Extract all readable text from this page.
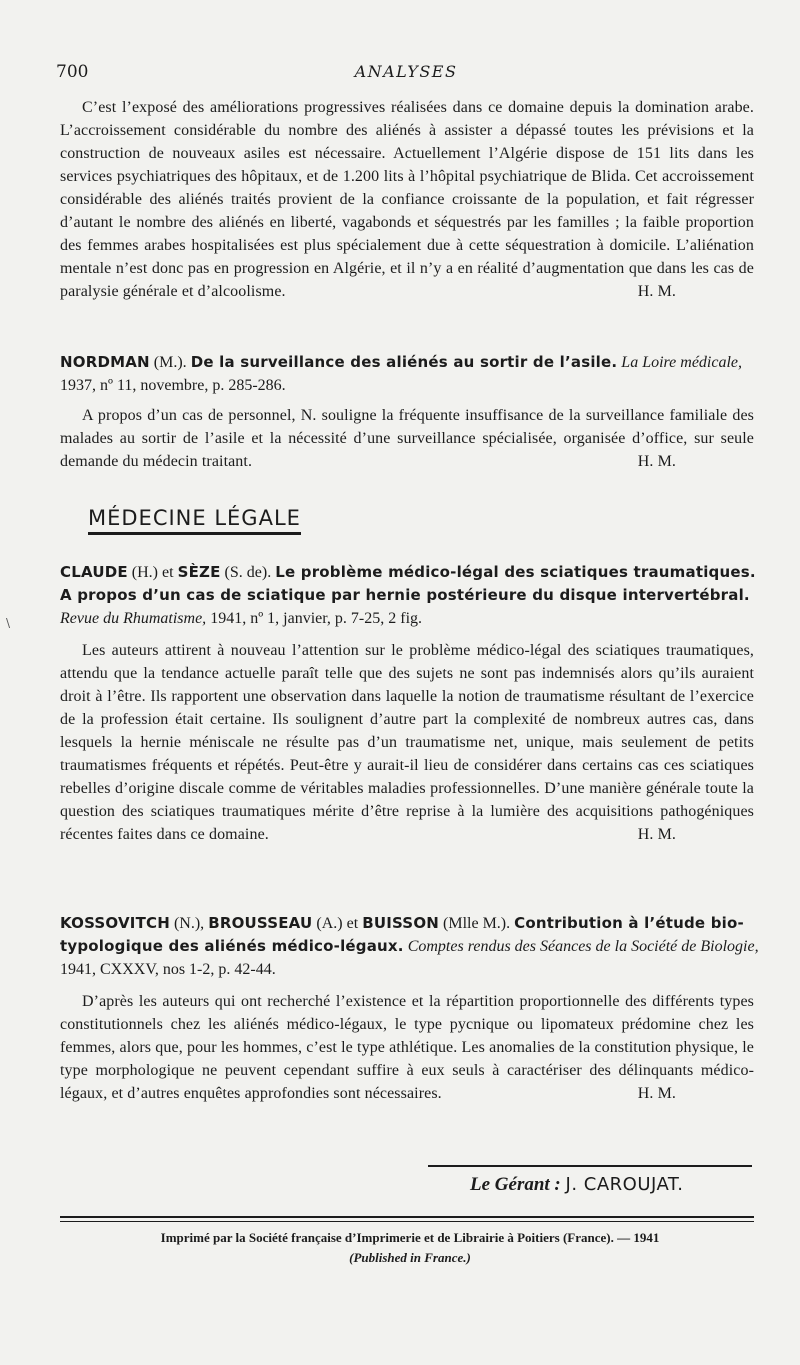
700	ANALYSES
C’est l’exposé des améliorations progressives réalisées dans ce domaine depuis la domination arabe. L’accroissement considérable du nombre des aliénés à assister a dépassé toutes les prévisions et la construction de nouveaux asiles est nécessaire. Actuellement l’Algérie dispose de 151 lits dans les services psychiatriques des hôpitaux, et de 1.200 lits à l’hôpital psychiatrique de Blida. Cet accroissement considérable des aliénés traités provient de la confiance croissante de la population, et fait régresser d’autant le nombre des aliénés en liberté, vagabonds et séquestrés par les familles ; la faible proportion des femmes arabes hospitalisées est plus spécialement due à cette séquestration à domicile. L’aliénation mentale n’est donc pas en progression en Algérie, et il n’y a en réalité d’augmentation que dans les cas de paralysie générale et d’alcoolisme.	H. M.
NORDMAN (M.). De la surveillance des aliénés au sortir de l’asile. La Loire médicale, 1937, nº 11, novembre, p. 285-286.
A propos d’un cas de personnel, N. souligne la fréquente insuffisance de la surveillance familiale des malades au sortir de l’asile et la nécessité d’une surveillance spécialisée, organisée d’office, sur seule demande du médecin traitant.	H. M.
MÉDECINE LÉGALE
CLAUDE (H.) et SÈZE (S. de). Le problème médico-légal des sciatiques traumatiques. A propos d’un cas de sciatique par hernie postérieure du disque intervertébral. Revue du Rhumatisme, 1941, nº 1, janvier, p. 7-25, 2 fig.
Les auteurs attirent à nouveau l’attention sur le problème médico-légal des sciatiques traumatiques, attendu que la tendance actuelle paraît telle que des sujets ne sont pas indemnisés alors qu’ils auraient droit à l’être. Ils rapportent une observation dans laquelle la notion de traumatisme résultant de l’exercice de la profession était certaine. Ils soulignent d’autre part la complexité de nombreux autres cas, dans lesquels la hernie méniscale ne résulte pas d’un traumatisme net, unique, mais seulement de petits traumatismes fréquents et répétés. Peut-être y aurait-il lieu de considérer dans certains cas ces sciatiques rebelles d’origine discale comme de véritables maladies professionnelles. D’une manière générale toute la question des sciatiques traumatiques mérite d’être reprise à la lumière des acquisitions pathogéniques récentes faites dans ce domaine.	H. M.
KOSSOVITCH (N.), BROUSSEAU (A.) et BUISSON (Mlle M.). Contribution à l’étude bio-typologique des aliénés médico-légaux. Comptes rendus des Séances de la Société de Biologie, 1941, CXXXV, nos 1-2, p. 42-44.
D’après les auteurs qui ont recherché l’existence et la répartition proportionnelle des différents types constitutionnels chez les aliénés médico-légaux, le type pycnique ou lipomateux prédomine chez les femmes, alors que, pour les hommes, c’est le type athlétique. Les anomalies de la constitution physique, le type morphologique ne peuvent cependant suffire à eux seuls à caractériser des délinquants médico-légaux, et d’autres enquêtes approfondies sont nécessaires.	H. M.
Le Gérant : J. CAROUJAT.
Imprimé par la Société française d’Imprimerie et de Librairie à Poitiers (France). — 1941
(Published in France.)
\
